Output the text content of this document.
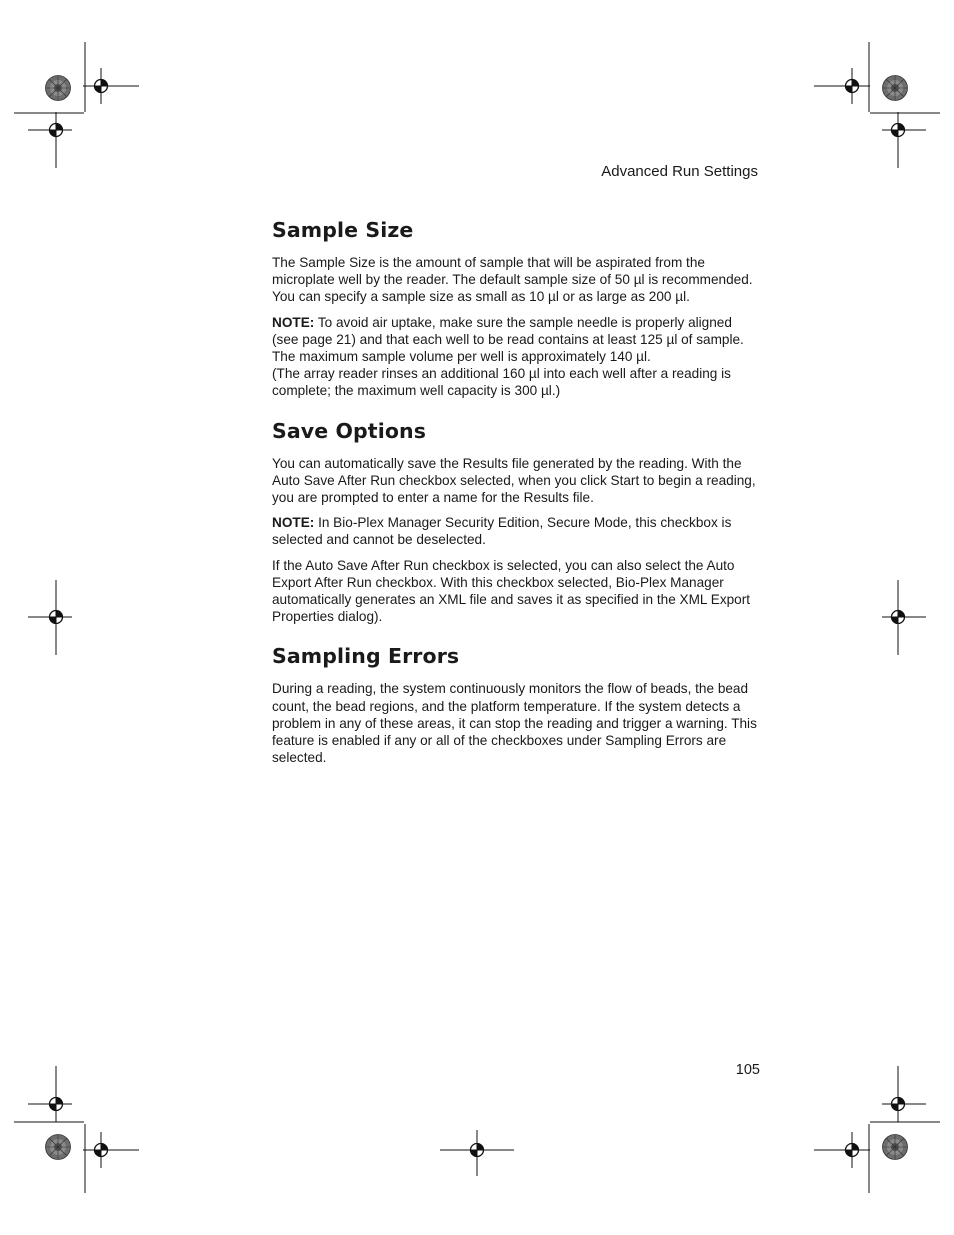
Advanced Run Settings
Sample Size

The Sample Size is the amount of sample that will be aspirated from the microplate well by the reader. The default sample size of 50 µl is recommended. You can specify a sample size as small as 10 µl or as large as 200 µl.

NOTE: To avoid air uptake, make sure the sample needle is properly aligned (see page 21) and that each well to be read contains at least 125 µl of sample. The maximum sample volume per well is approximately 140 µl.
(The array reader rinses an additional 160 µl into each well after a reading is complete; the maximum well capacity is 300 µl.)

Save Options

You can automatically save the Results file generated by the reading. With the Auto Save After Run checkbox selected, when you click Start to begin a reading, you are prompted to enter a name for the Results file.

NOTE: In Bio-Plex Manager Security Edition, Secure Mode, this checkbox is selected and cannot be deselected.

If the Auto Save After Run checkbox is selected, you can also select the Auto Export After Run checkbox. With this checkbox selected, Bio-Plex Manager automatically generates an XML file and saves it as specified in the XML Export Properties dialog).

Sampling Errors

During a reading, the system continuously monitors the flow of beads, the bead count, the bead regions, and the platform temperature. If the system detects a problem in any of these areas, it can stop the reading and trigger a warning. This feature is enabled if any or all of the checkboxes under Sampling Errors are selected.

105
